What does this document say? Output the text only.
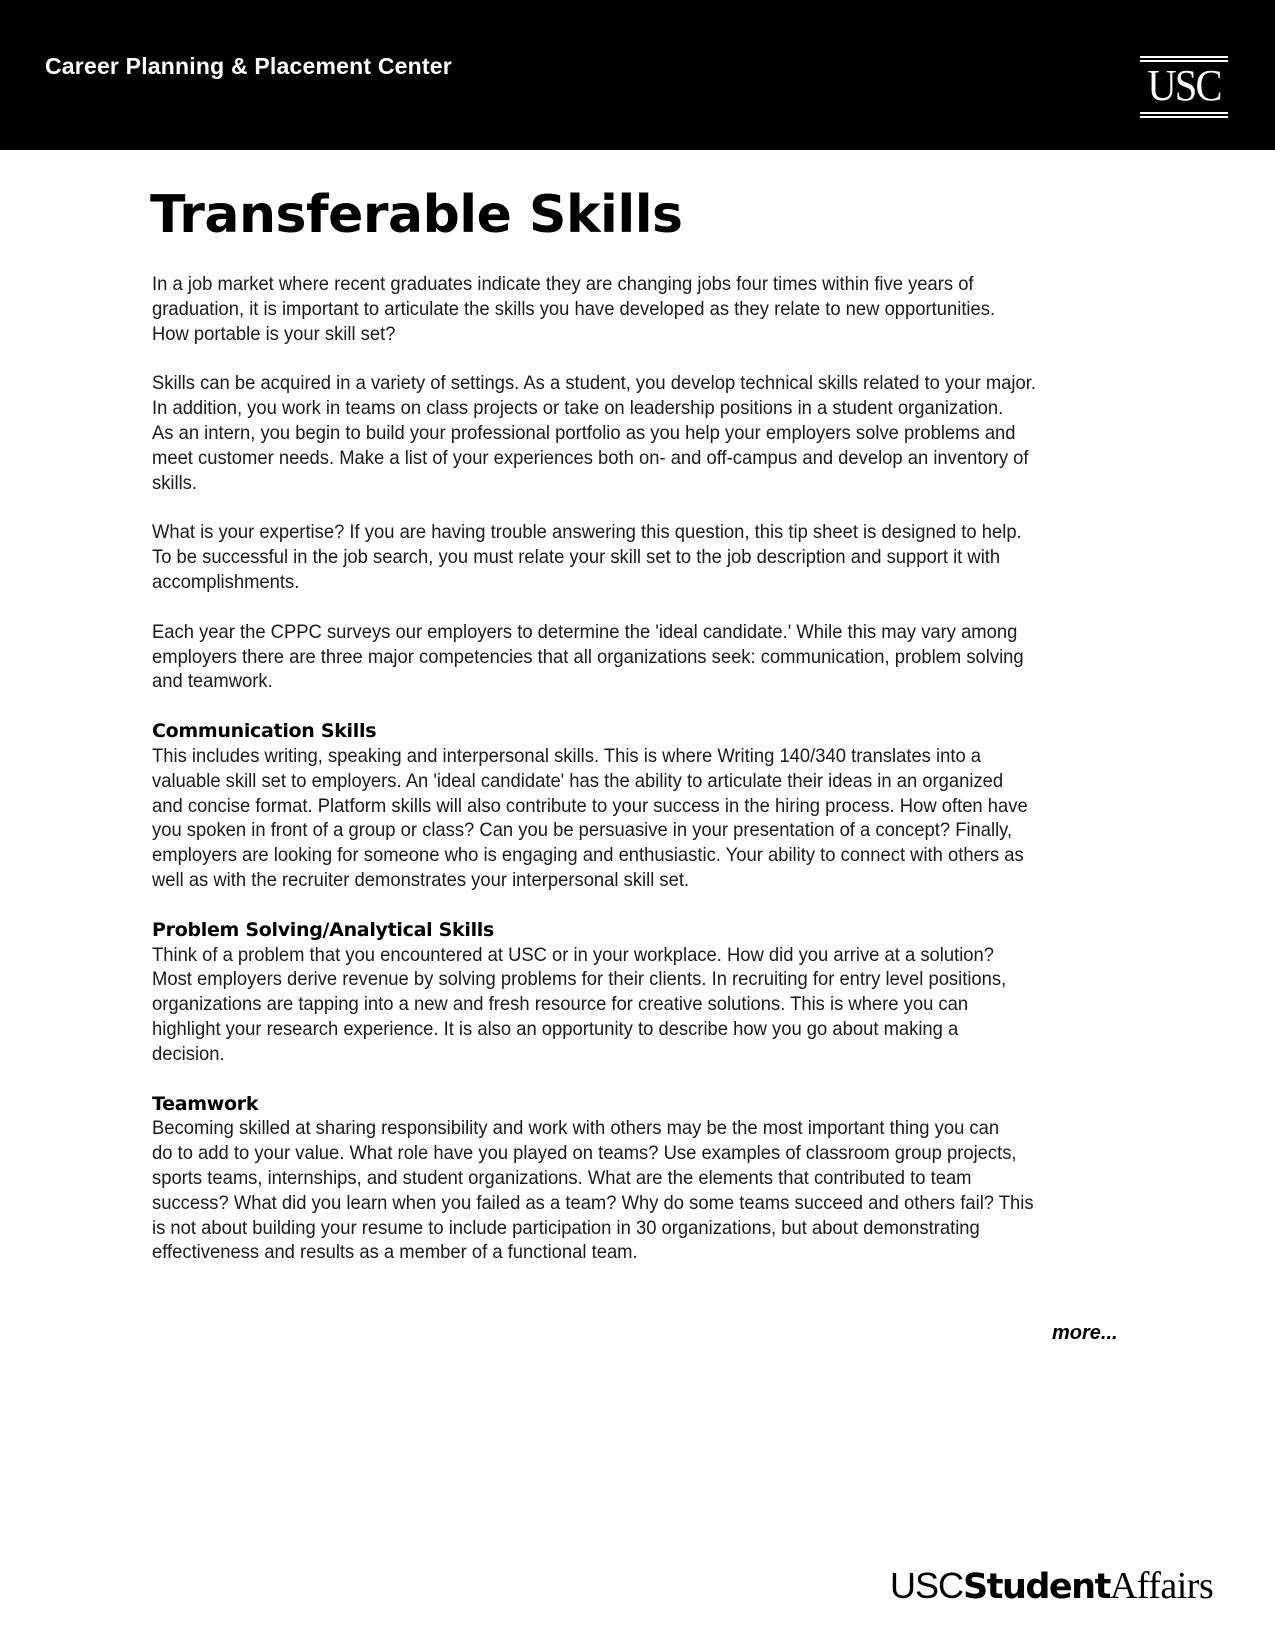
Career Planning & Placement Center	USC
Transferable Skills
In a job market where recent graduates indicate they are changing jobs four times within five years of
graduation, it is important to articulate the skills you have developed as they relate to new opportunities.
How portable is your skill set?
Skills can be acquired in a variety of settings. As a student, you develop technical skills related to your major.
In addition, you work in teams on class projects or take on leadership positions in a student organization.
As an intern, you begin to build your professional portfolio as you help your employers solve problems and
meet customer needs. Make a list of your experiences both on- and off-campus and develop an inventory of
skills.
What is your expertise? If you are having trouble answering this question, this tip sheet is designed to help.
To be successful in the job search, you must relate your skill set to the job description and support it with
accomplishments.
Each year the CPPC surveys our employers to determine the 'ideal candidate.' While this may vary among
employers there are three major competencies that all organizations seek: communication, problem solving
and teamwork.
Communication Skills
This includes writing, speaking and interpersonal skills. This is where Writing 140/340 translates into a
valuable skill set to employers. An 'ideal candidate' has the ability to articulate their ideas in an organized
and concise format. Platform skills will also contribute to your success in the hiring process. How often have
you spoken in front of a group or class? Can you be persuasive in your presentation of a concept? Finally,
employers are looking for someone who is engaging and enthusiastic. Your ability to connect with others as
well as with the recruiter demonstrates your interpersonal skill set.
Problem Solving/Analytical Skills
Think of a problem that you encountered at USC or in your workplace. How did you arrive at a solution?
Most employers derive revenue by solving problems for their clients. In recruiting for entry level positions,
organizations are tapping into a new and fresh resource for creative solutions. This is where you can
highlight your research experience. It is also an opportunity to describe how you go about making a
decision.
Teamwork
Becoming skilled at sharing responsibility and work with others may be the most important thing you can
do to add to your value. What role have you played on teams? Use examples of classroom group projects,
sports teams, internships, and student organizations. What are the elements that contributed to team
success? What did you learn when you failed as a team? Why do some teams succeed and others fail? This
is not about building your resume to include participation in 30 organizations, but about demonstrating
effectiveness and results as a member of a functional team.
more...
USCStudentAffairs
